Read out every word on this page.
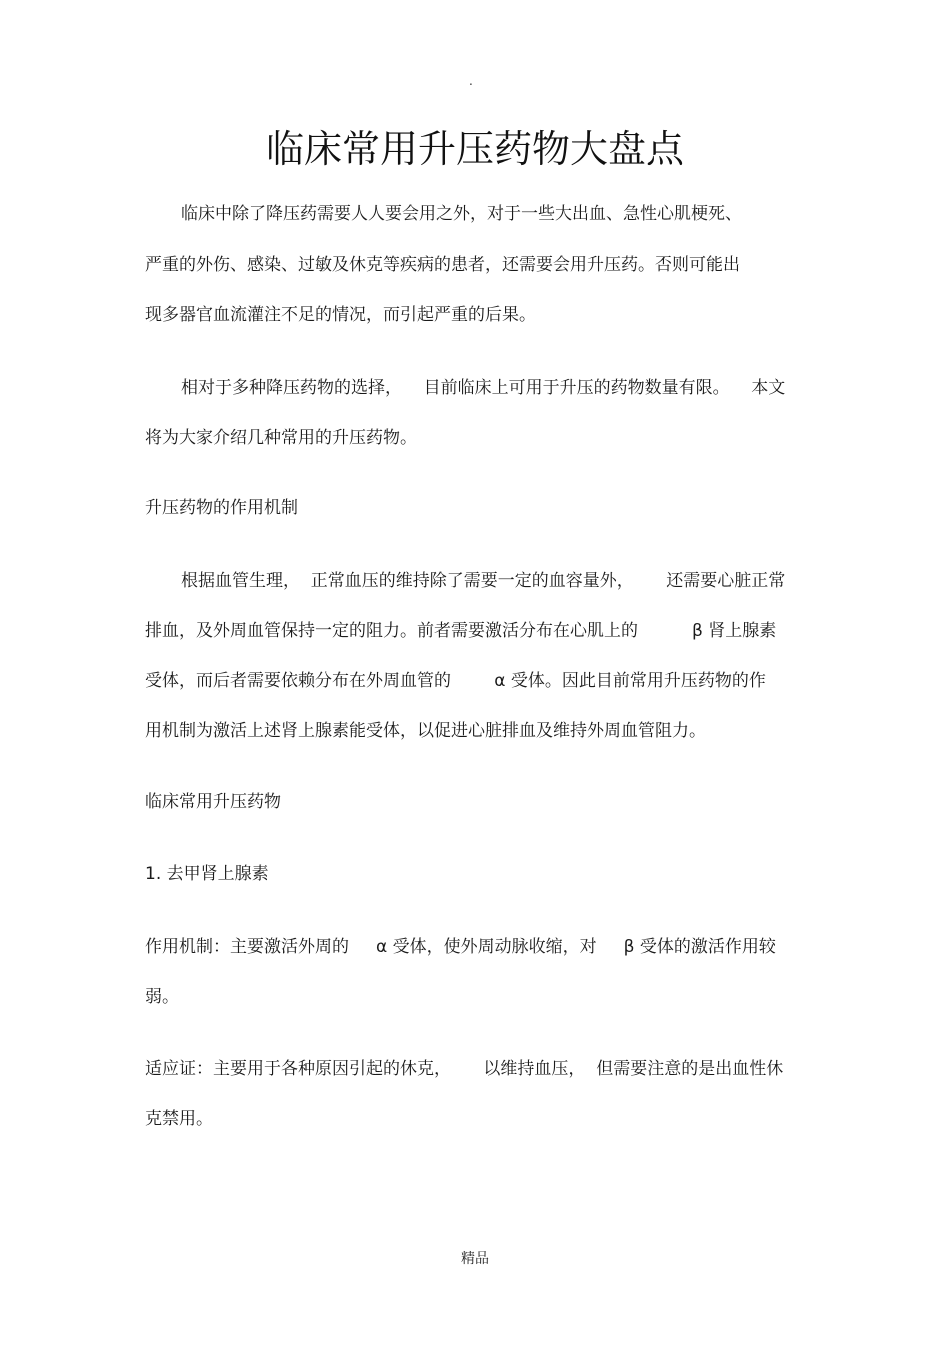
.
临床常用升压药物大盘点
临床中除了降压药需要人人要会用之外，对于一些大出血、急性心肌梗死、
严重的外伤、感染、过敏及休克等疾病的患者，还需要会用升压药。否则可能出
现多器官血流灌注不足的情况，而引起严重的后果。
相对于多种降压药物的选择，    目前临床上可用于升压的药物数量有限。    本文
将为大家介绍几种常用的升压药物。
升压药物的作用机制
根据血管生理，  正常血压的维持除了需要一定的血容量外，      还需要心脏正常
排血，及外周血管保持一定的阻力。前者需要激活分布在心肌上的          β 肾上腺素
受体，而后者需要依赖分布在外周血管的        α 受体。因此目前常用升压药物的作
用机制为激活上述肾上腺素能受体，以促进心脏排血及维持外周血管阻力。
临床常用升压药物
1. 去甲肾上腺素
作用机制：主要激活外周的     α 受体，使外周动脉收缩，对     β 受体的激活作用较
弱。
适应证：主要用于各种原因引起的休克，      以维持血压，  但需要注意的是出血性休
克禁用。
精品
